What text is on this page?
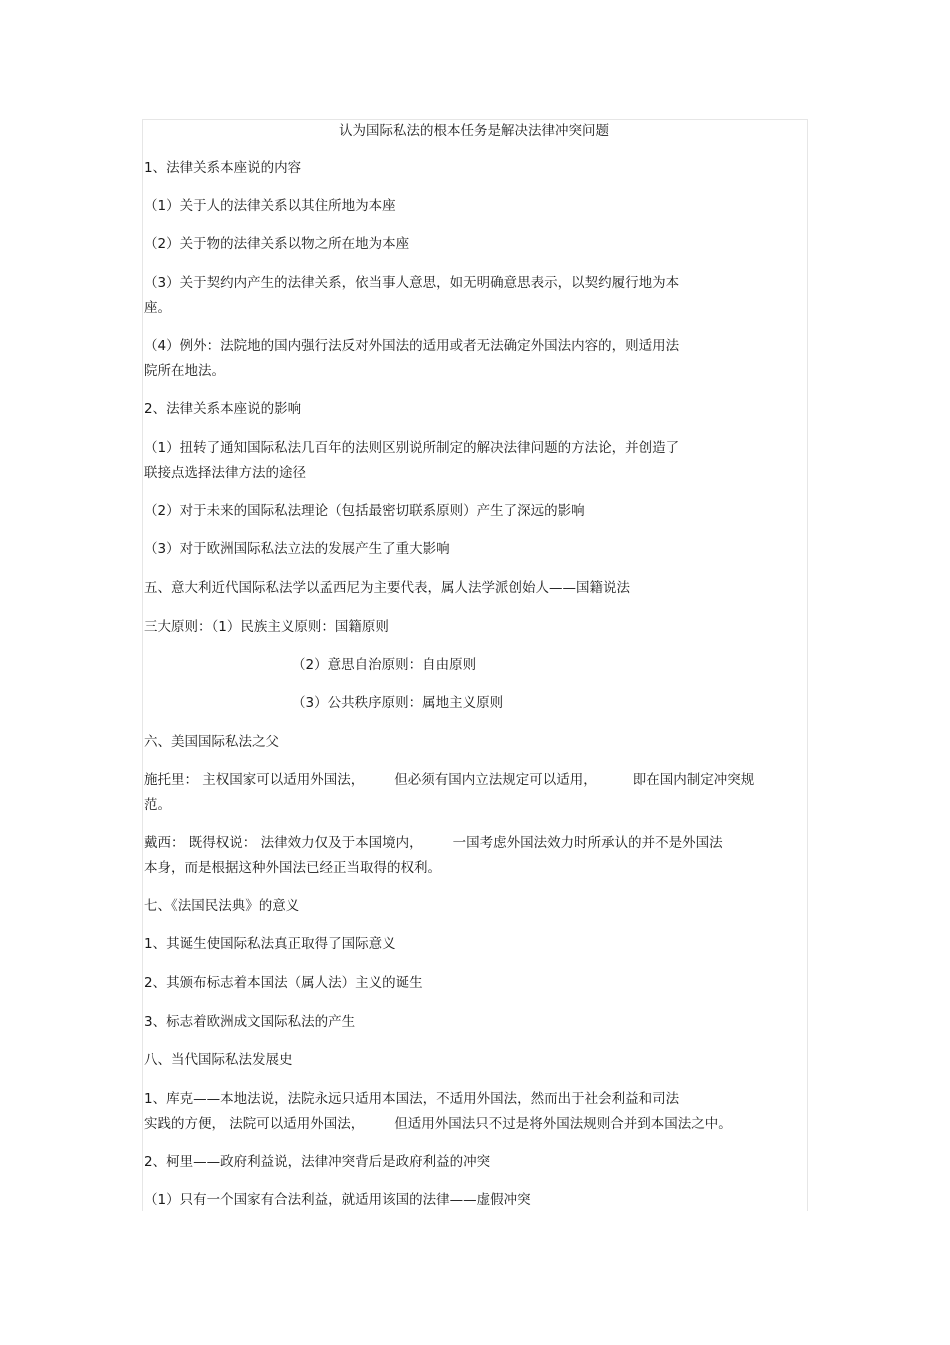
认为国际私法的根本任务是解决法律冲突问题
1、法律关系本座说的内容
（1）关于人的法律关系以其住所地为本座
（2）关于物的法律关系以物之所在地为本座
（3）关于契约内产生的法律关系，依当事人意思，如无明确意思表示，以契约履行地为本
座。
（4）例外：法院地的国内强行法反对外国法的适用或者无法确定外国法内容的，则适用法
院所在地法。
2、法律关系本座说的影响
（1）扭转了通知国际私法几百年的法则区别说所制定的解决法律问题的方法论，并创造了
联接点选择法律方法的途径
（2）对于未来的国际私法理论（包括最密切联系原则）产生了深远的影响
（3）对于欧洲国际私法立法的发展产生了重大影响
五、意大利近代国际私法学以孟西尼为主要代表，属人法学派创始人——国籍说法
三大原则：（1）民族主义原则：国籍原则
（2）意思自治原则：自由原则
（3）公共秩序原则：属地主义原则
六、美国国际私法之父
施托里： 主权国家可以适用外国法， 但必须有国内立法规定可以适用，	即在国内制定冲突规
范。
戴西： 既得权说： 法律效力仅及于本国境内， 一国考虑外国法效力时所承认的并不是外国法
本身，而是根据这种外国法已经正当取得的权利。
七、《法国民法典》的意义
1、其诞生使国际私法真正取得了国际意义
2、其颁布标志着本国法（属人法）主义的诞生
3、标志着欧洲成文国际私法的产生
八、当代国际私法发展史
1、库克——本地法说，法院永远只适用本国法，不适用外国法，然而出于社会利益和司法
实践的方便， 法院可以适用外国法， 但适用外国法只不过是将外国法规则合并到本国法之中。
2、柯里——政府利益说，法律冲突背后是政府利益的冲突
（1）只有一个国家有合法利益，就适用该国的法律——虚假冲突
